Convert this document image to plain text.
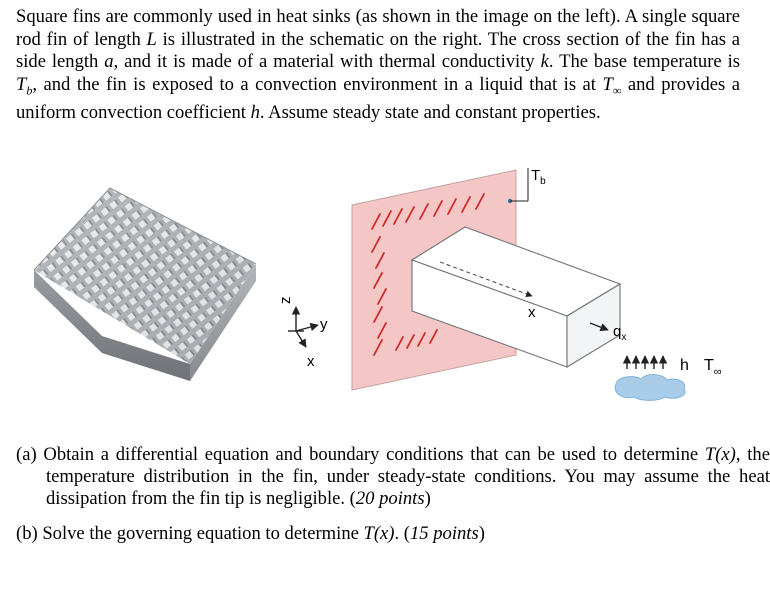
Square fins are commonly used in heat sinks (as shown in the image on the left). A single square rod fin of length L is illustrated in the schematic on the right. The cross section of the fin has a side length a, and it is made of a material with thermal conductivity k. The base temperature is $T_b$, and the fin is exposed to a convection environment in a liquid that is at $T_\infty$ and provides a uniform convection coefficient h. Assume steady state and constant properties.

z
y
x
$T_b$
x
$q_x$
h $T_\infty$

(a) Obtain a differential equation and boundary conditions that can be used to determine T(x), the temperature distribution in the fin, under steady-state conditions. You may assume the heat dissipation from the fin tip is negligible. (20 points)

(b) Solve the governing equation to determine T(x). (15 points)
